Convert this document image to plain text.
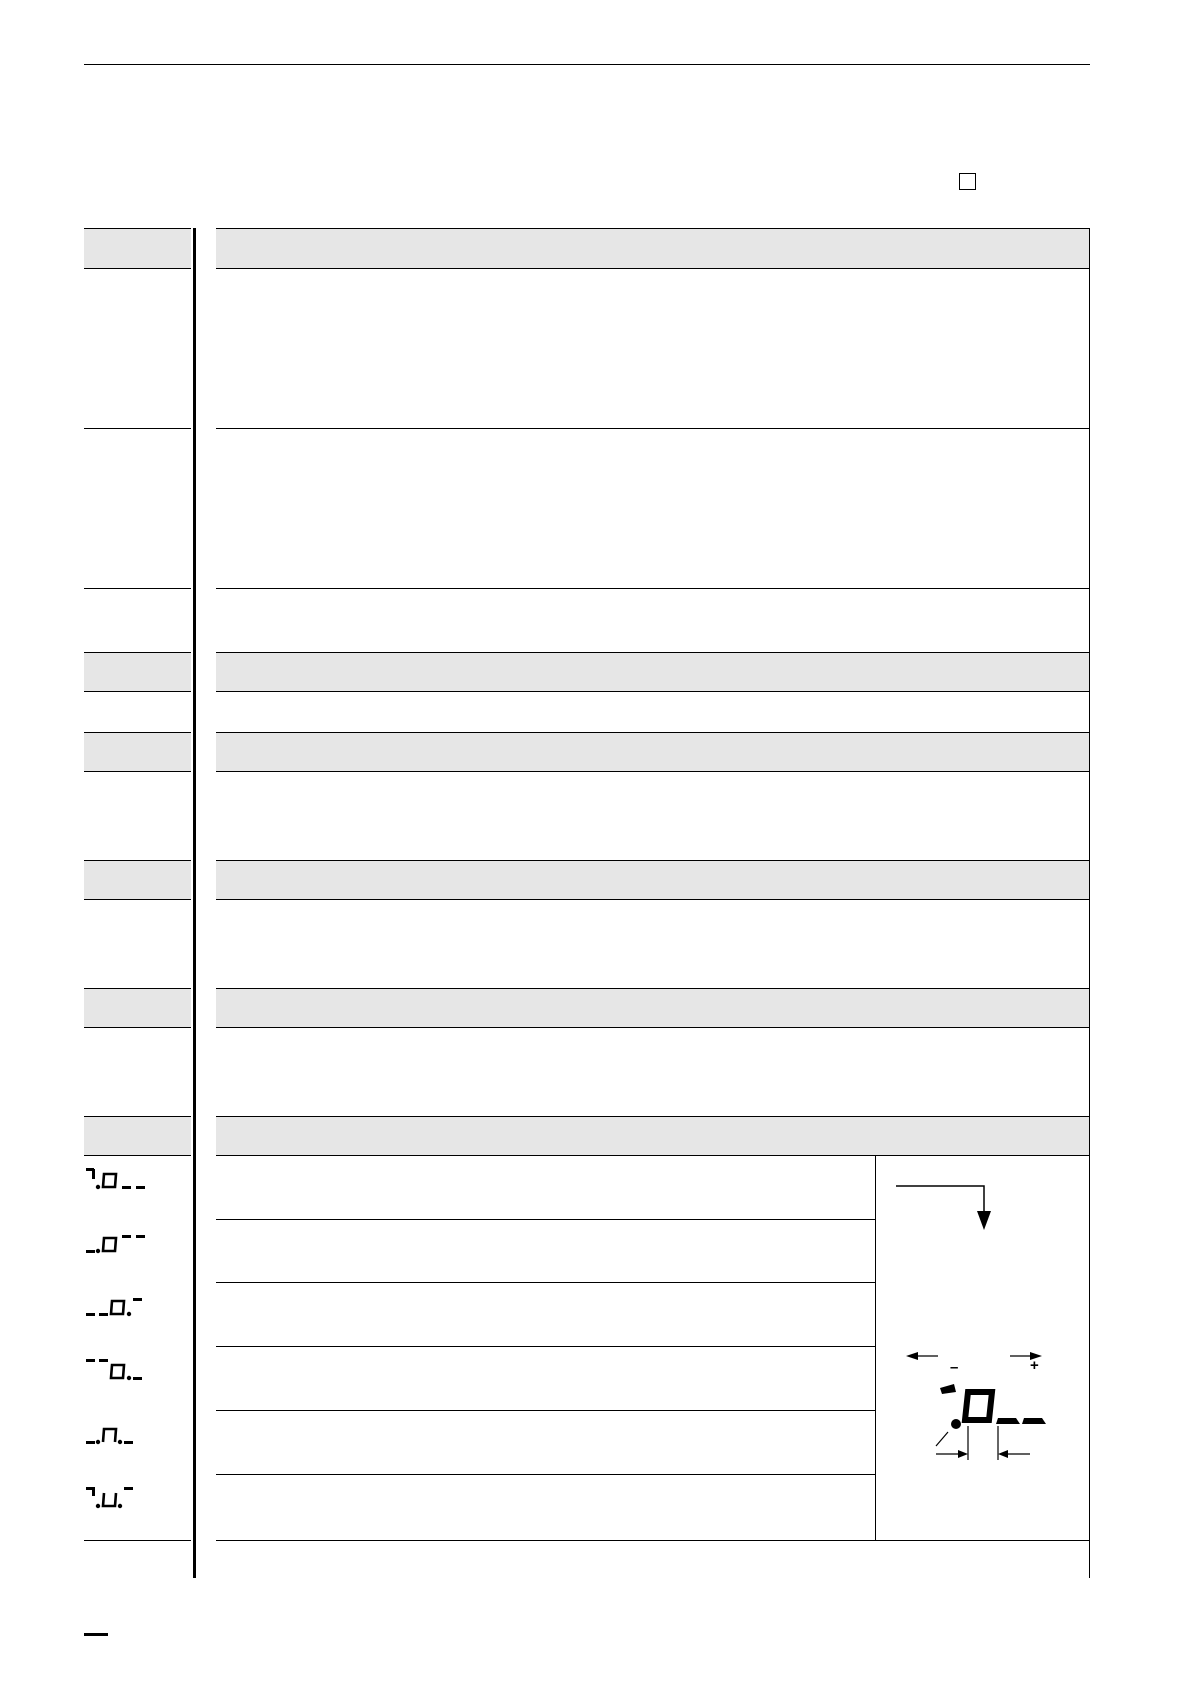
–	+
